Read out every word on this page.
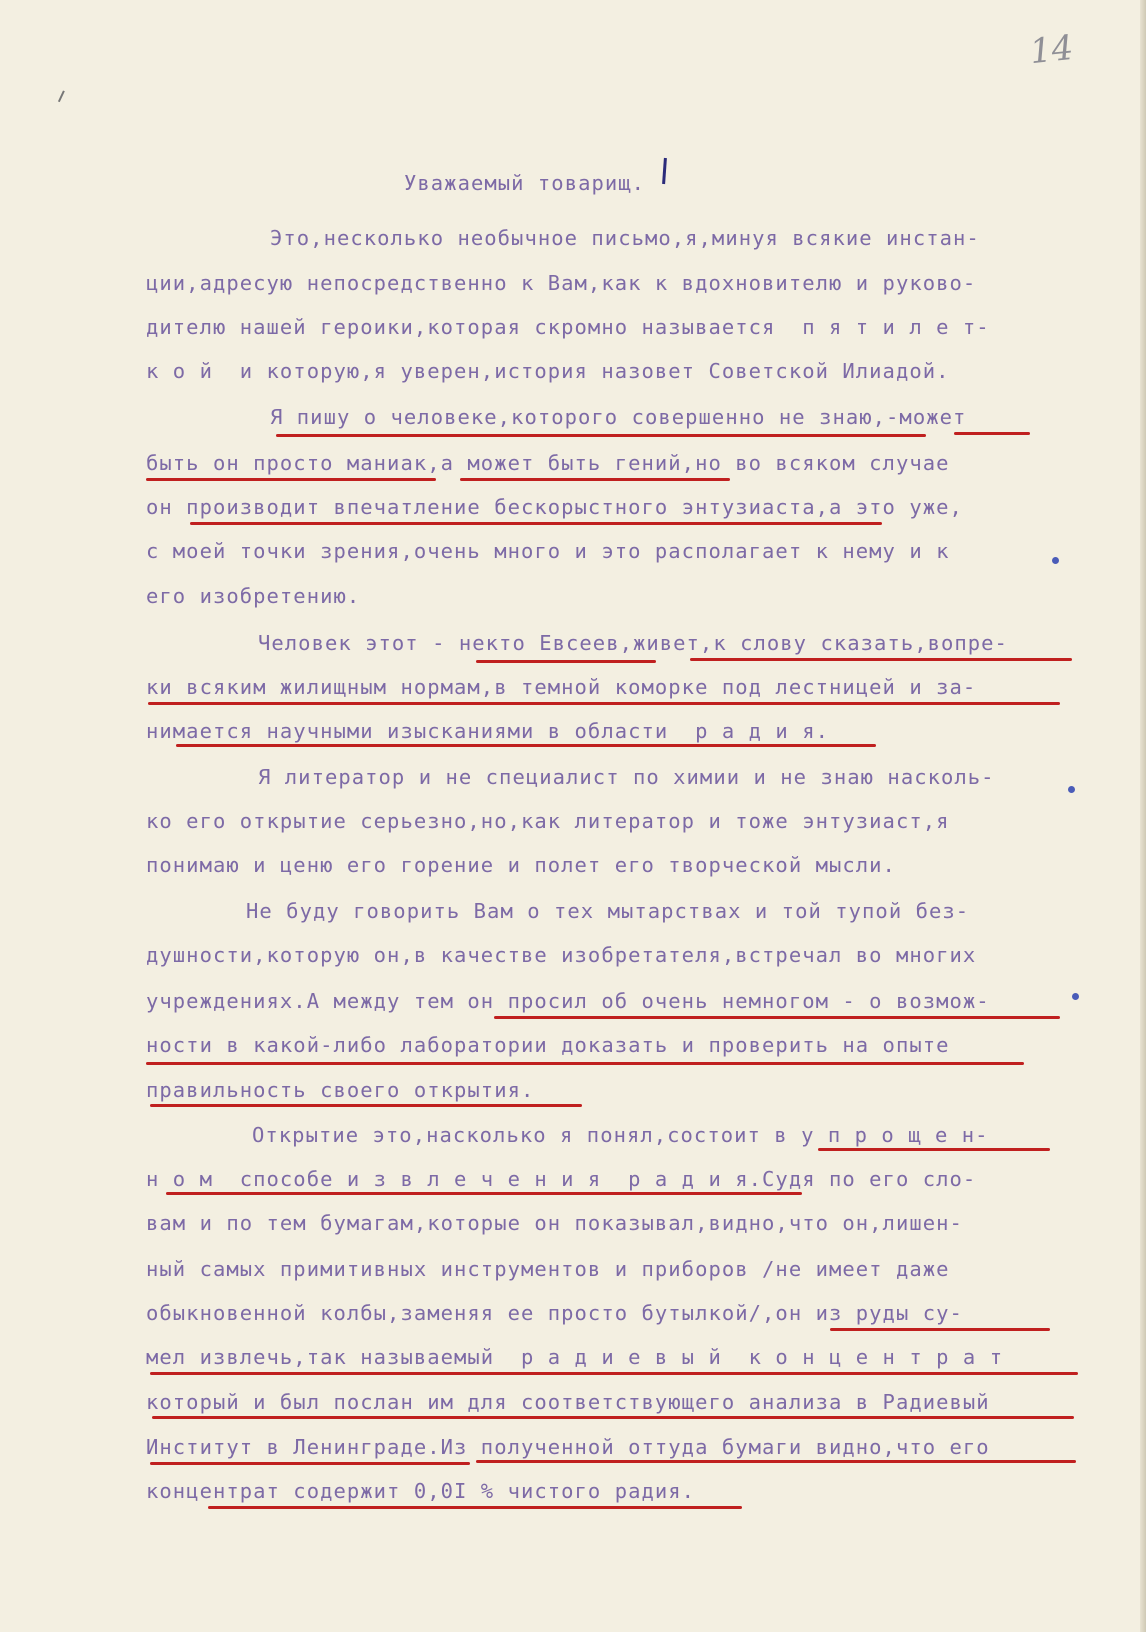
14
Уважаемый товарищ.
Это,несколько необычное письмо,я,минуя всякие инстан-
ции,адресую непосредственно к Вам,как к вдохновителю и руково-
дителю нашей героики,которая скромно называется  п я т и л е т-
к о й  и которую,я уверен,история назовет Советской Илиадой.
Я пишу о человеке,которого совершенно не знаю,-может
быть он просто маниак,а может быть гений,но во всяком случае
он производит впечатление бескорыстного энтузиаста,а это уже,
с моей точки зрения,очень много и это располагает к нему и к
его изобретению.
Человек этот - некто Евсеев,живет,к слову сказать,вопре-
ки всяким жилищным нормам,в темной коморке под лестницей и за-
нимается научными изысканиями в области  р а д и я.
Я литератор и не специалист по химии и не знаю насколь-
ко его открытие серьезно,но,как литератор и тоже энтузиаст,я
понимаю и ценю его горение и полет его творческой мысли.
Не буду говорить Вам о тех мытарствах и той тупой без-
душности,которую он,в качестве изобретателя,встречал во многих
учреждениях.А между тем он просил об очень немногом - о возмож-
ности в какой-либо лаборатории доказать и проверить на опыте
правильность своего открытия.
Открытие это,насколько я понял,состоит в у п р о щ е н-
н о м  способе и з в л е ч е н и я  р а д и я.Судя по его сло-
вам и по тем бумагам,которые он показывал,видно,что он,лишен-
ный самых примитивных инструментов и приборов /не имеет даже
обыкновенной колбы,заменяя ее просто бутылкой/,он из руды су-
мел извлечь,так называемый  р а д и е в ы й  к о н ц е н т р а т
который и был послан им для соответствующего анализа в Радиевый
Институт в Ленинграде.Из полученной оттуда бумаги видно,что его
концентрат содержит 0,0I % чистого радия.
